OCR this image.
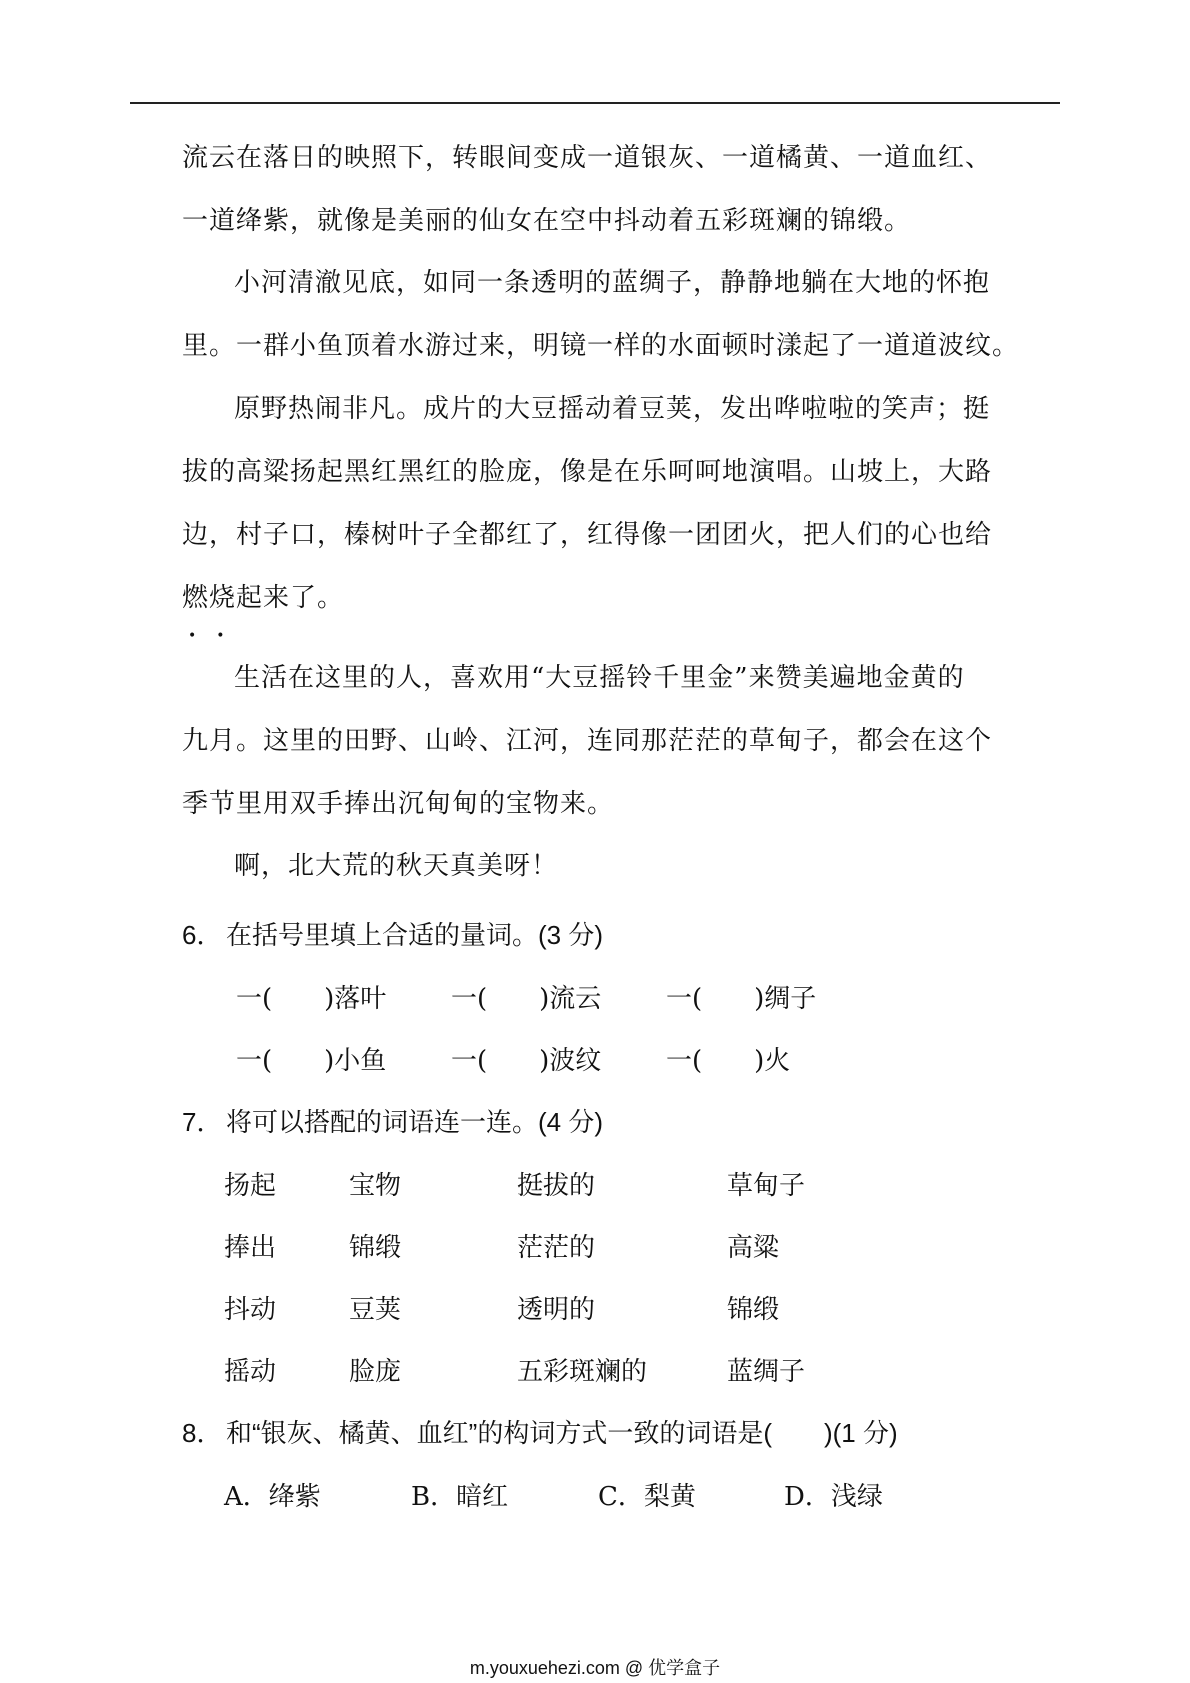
流云在落日的映照下，转眼间变成一道银灰、一道橘黄、一道血红、
一道绛紫，就像是美丽的仙女在空中抖动着五彩斑斓的锦缎。
小河清澈见底，如同一条透明的蓝绸子，静静地躺在大地的怀抱
里。一群小鱼顶着水游过来，明镜一样的水面顿时漾起了一道道波纹。
原野热闹非凡。成片的大豆摇动着豆荚，发出哗啦啦的笑声；挺
拔的高粱扬起黑红黑红的脸庞，像是在乐呵呵地演唱。山坡上，大路
边，村子口，榛树叶子全都红了，红得像一团团火，把人们的心也给
燃烧起来了。
••
生活在这里的人，喜欢用“大豆摇铃千里金”来赞美遍地金黄的
九月。这里的田野、山岭、江河，连同那茫茫的草甸子，都会在这个
季节里用双手捧出沉甸甸的宝物来。
啊，北大荒的秋天真美呀！
6． 在括号里填上合适的量词。(3 分)
一(　　)落叶 一(　　)流云 一(　　)绸子
一(　　)小鱼 一(　　)波纹 一(　　)火
7． 将可以搭配的词语连一连。(4 分)
扬起	宝物	挺拔的	草甸子
捧出	锦缎	茫茫的	高粱
抖动	豆荚	透明的	锦缎
摇动	脸庞	五彩斑斓的	蓝绸子
8． 和“银灰、橘黄、血红”的构词方式一致的词语是(　　)(1 分)
A．绛紫	B．暗红	C．梨黄	D．浅绿
m.youxuehezi.com @ 优学盒子
